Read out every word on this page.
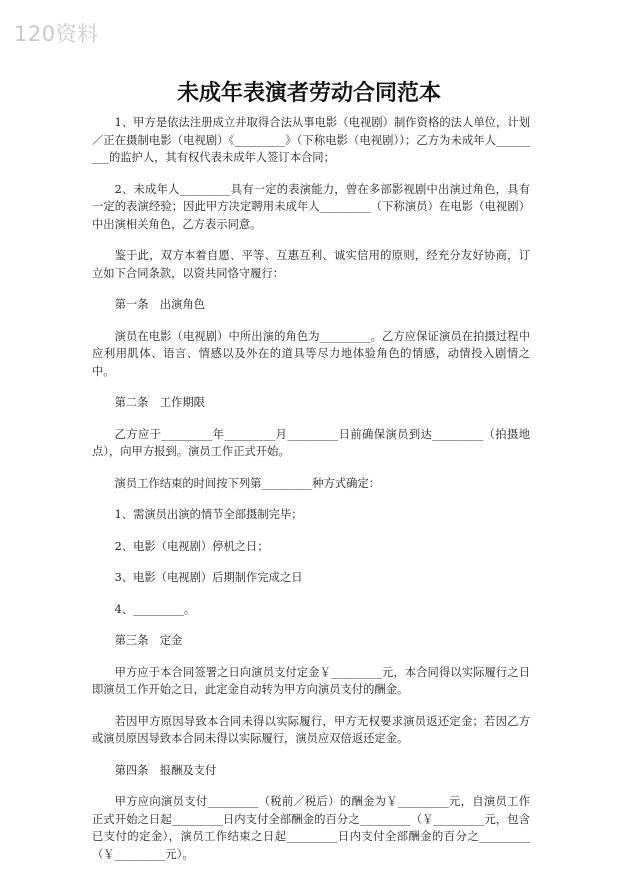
120资料
未成年表演者劳动合同范本

1、甲方是依法注册成立并取得合法从事电影（电视剧）制作资格的法人单位，计划／正在摄制电影（电视剧）《_________》（下称电影（电视剧））；乙方为未成年人_________的监护人，其有权代表未成年人签订本合同；

2、未成年人_________具有一定的表演能力，曾在多部影视剧中出演过角色，具有一定的表演经验；因此甲方决定聘用未成年人_________（下称演员）在电影（电视剧）中出演相关角色，乙方表示同意。

鉴于此，双方本着自愿、平等、互惠互利、诚实信用的原则，经充分友好协商，订立如下合同条款，以资共同恪守履行：

第一条　出演角色

演员在电影（电视剧）中所出演的角色为_________。乙方应保证演员在拍摄过程中应利用肌体、语言、情感以及外在的道具等尽力地体验角色的情感，动情投入剧情之中。

第二条　工作期限

乙方应于_________年_________月_________日前确保演员到达_________（拍摄地点），向甲方报到。演员工作正式开始。

演员工作结束的时间按下列第_________种方式确定：

1、需演员出演的情节全部摄制完毕；

2、电影（电视剧）停机之日；

3、电影（电视剧）后期制作完成之日

4、_________。

第三条　定金

甲方应于本合同签署之日向演员支付定金￥_________元，本合同得以实际履行之日即演员工作开始之日，此定金自动转为甲方向演员支付的酬金。

若因甲方原因导致本合同未得以实际履行，甲方无权要求演员返还定金；若因乙方或演员原因导致本合同未得以实际履行，演员应双倍返还定金。

第四条　报酬及支付

甲方应向演员支付_________（税前／税后）的酬金为￥_________元，自演员工作正式开始之日起_________日内支付全部酬金的百分之_________（￥_________元，包含已支付的定金），演员工作结束之日起_________日内支付全部酬金的百分之_________（￥_________元）。
